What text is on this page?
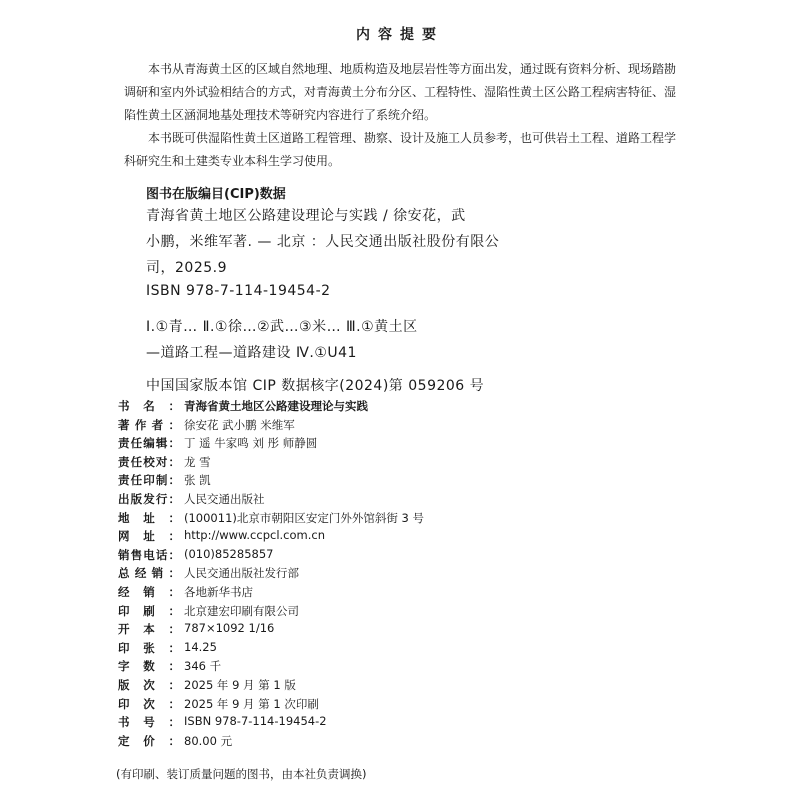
内容提要

本书从青海黄土区的区域自然地理、地质构造及地层岩性等方面出发，通过既有资料分析、现场踏勘调研和室内外试验相结合的方式，对青海黄土分布分区、工程特性、湿陷性黄土区公路工程病害特征、湿陷性黄土区涵洞地基处理技术等研究内容进行了系统介绍。

本书既可供湿陷性黄土区道路工程管理、勘察、设计及施工人员参考，也可供岩土工程、道路工程学科研究生和土建类专业本科生学习使用。

图书在版编目(CIP)数据
青海省黄土地区公路建设理论与实践 / 徐安花，武
小鹏，米维军著. — 北京 ：人民交通出版社股份有限公
司，2025.9
ISBN 978-7-114-19454-2
Ⅰ.①青… Ⅱ.①徐…②武…③米… Ⅲ.①黄土区
—道路工程—道路建设 Ⅳ.①U41
中国国家版本馆 CIP 数据核字(2024)第 059206 号
书 名 ： 青海省黄土地区公路建设理论与实践
著 作 者 ： 徐安花 武小鹏 米维军
责 任 编 辑 ： 丁 遥 牛家鸣 刘 彤 师静圆
责 任 校 对 ： 龙 雪
责 任 印 制 ： 张 凯
出 版 发 行 ： 人民交通出版社
地 址 ： (100011)北京市朝阳区安定门外外馆斜街 3 号
网 址 ： http://www.ccpcl.com.cn
销 售 电 话 ： (010)85285857
总 经 销 ： 人民交通出版社发行部
经 销 ： 各地新华书店
印 刷 ： 北京建宏印刷有限公司
开 本 ： 787×1092 1/16
印 张 ： 14.25
字 数 ： 346 千
版 次 ： 2025 年 9 月 第 1 版
印 次 ： 2025 年 9 月 第 1 次印刷
书 号 ： ISBN 978-7-114-19454-2
定 价 ： 80.00 元
(有印刷、装订质量问题的图书，由本社负责调换)
